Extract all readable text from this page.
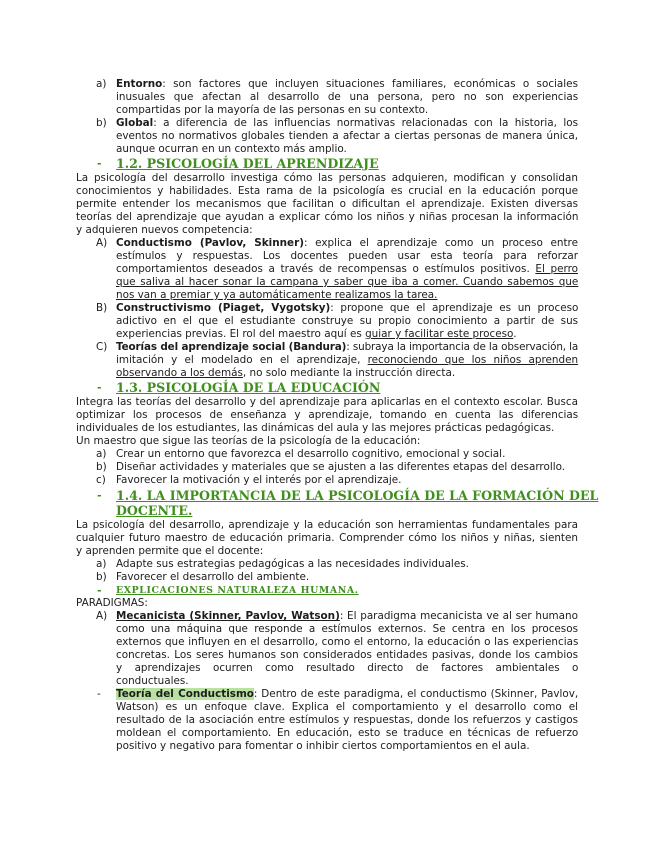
a) Entorno: son factores que incluyen situaciones familiares, económicas o sociales
inusuales que afectan al desarrollo de una persona, pero no son experiencias
compartidas por la mayoría de las personas en su contexto.
b) Global: a diferencia de las influencias normativas relacionadas con la historia, los
eventos no normativos globales tienden a afectar a ciertas personas de manera única,
aunque ocurran en un contexto más amplio.
- 1.2. PSICOLOGÍA DEL APRENDIZAJE
La psicología del desarrollo investiga cómo las personas adquieren, modifican y consolidan
conocimientos y habilidades. Esta rama de la psicología es crucial en la educación porque
permite entender los mecanismos que facilitan o dificultan el aprendizaje. Existen diversas
teorías del aprendizaje que ayudan a explicar cómo los niños y niñas procesan la información
y adquieren nuevos competencia:
A) Conductismo (Pavlov, Skinner): explica el aprendizaje como un proceso entre
estímulos y respuestas. Los docentes pueden usar esta teoría para reforzar
comportamientos deseados a través de recompensas o estímulos positivos. El perro
que saliva al hacer sonar la campana y saber que iba a comer. Cuando sabemos que
nos van a premiar y ya automáticamente realizamos la tarea.
B) Constructivismo (Piaget, Vygotsky): propone que el aprendizaje es un proceso
adictivo en el que el estudiante construye su propio conocimiento a partir de sus
experiencias previas. El rol del maestro aquí es guiar y facilitar este proceso.
C) Teorías del aprendizaje social (Bandura): subraya la importancia de la observación, la
imitación y el modelado en el aprendizaje, reconociendo que los niños aprenden
observando a los demás, no solo mediante la instrucción directa.
- 1.3. PSICOLOGÍA DE LA EDUCACIÓN
Integra las teorías del desarrollo y del aprendizaje para aplicarlas en el contexto escolar. Busca
optimizar los procesos de enseñanza y aprendizaje, tomando en cuenta las diferencias
individuales de los estudiantes, las dinámicas del aula y las mejores prácticas pedagógicas.
Un maestro que sigue las teorías de la psicología de la educación:
a) Crear un entorno que favorezca el desarrollo cognitivo, emocional y social.
b) Diseñar actividades y materiales que se ajusten a las diferentes etapas del desarrollo.
c) Favorecer la motivación y el interés por el aprendizaje.
- 1.4. LA IMPORTANCIA DE LA PSICOLOGÍA DE LA FORMACIÓN DEL
DOCENTE.
La psicología del desarrollo, aprendizaje y la educación son herramientas fundamentales para
cualquier futuro maestro de educación primaria. Comprender cómo los niños y niñas, sienten
y aprenden permite que el docente:
a) Adapte sus estrategias pedagógicas a las necesidades individuales.
b) Favorecer el desarrollo del ambiente.
- EXPLICACIONES NATURALEZA HUMANA.
PARADIGMAS:
A) Mecanicista (Skinner, Pavlov, Watson): El paradigma mecanicista ve al ser humano
como una máquina que responde a estímulos externos. Se centra en los procesos
externos que influyen en el desarrollo, como el entorno, la educación o las experiencias
concretas. Los seres humanos son considerados entidades pasivas, donde los cambios
y aprendizajes ocurren como resultado directo de factores ambientales o
conductuales.
- Teoría del Conductismo: Dentro de este paradigma, el conductismo (Skinner, Pavlov,
Watson) es un enfoque clave. Explica el comportamiento y el desarrollo como el
resultado de la asociación entre estímulos y respuestas, donde los refuerzos y castigos
moldean el comportamiento. En educación, esto se traduce en técnicas de refuerzo
positivo y negativo para fomentar o inhibir ciertos comportamientos en el aula.
